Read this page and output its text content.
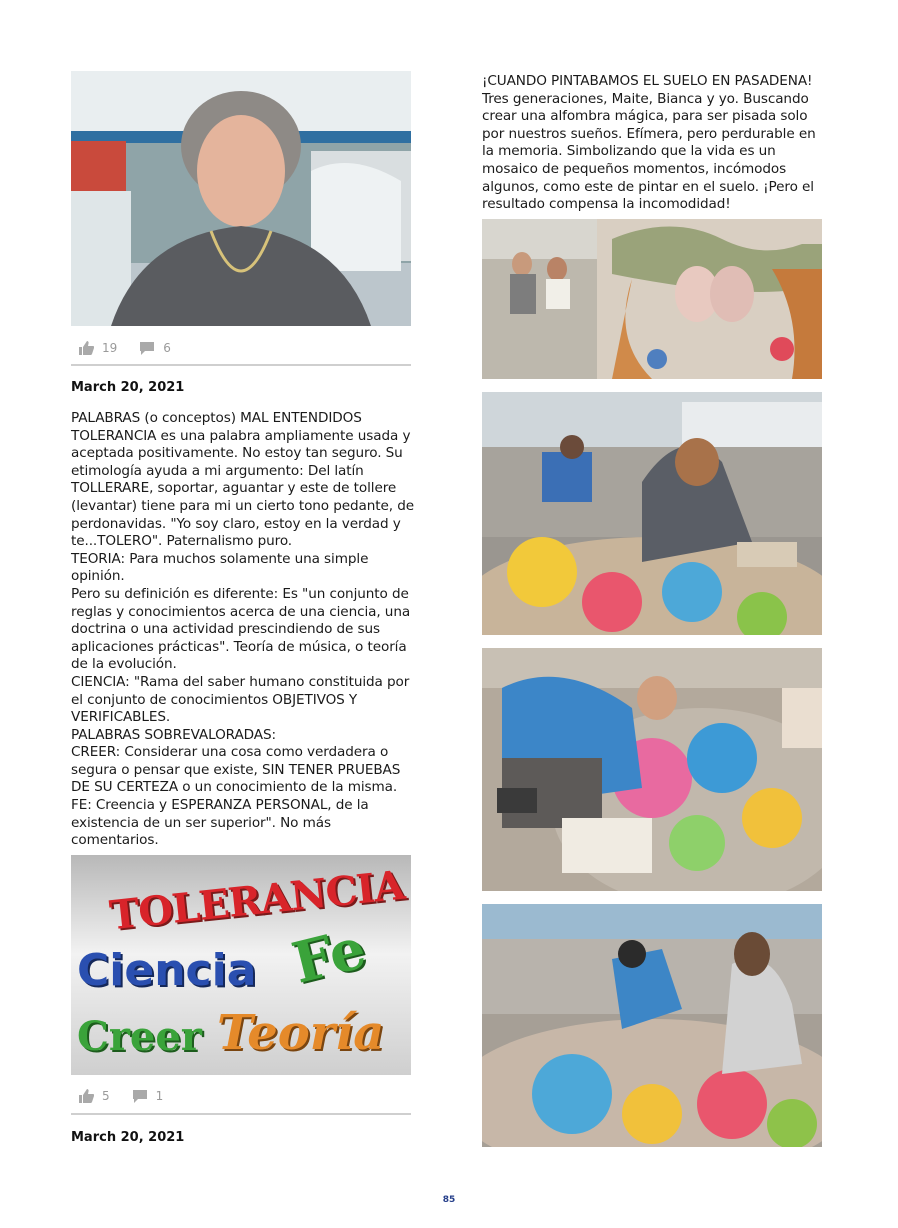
19	6
March 20, 2021
PALABRAS (o conceptos) MAL ENTENDIDOS
TOLERANCIA es una palabra ampliamente usada y aceptada positivamente. No estoy tan seguro. Su etimología ayuda a mi argumento: Del latín TOLLERARE, soportar, aguantar y este de tollere (levantar) tiene para mi un cierto tono pedante, de perdonavidas. "Yo soy claro, estoy en la verdad y te...TOLERO". Paternalismo puro.
TEORIA: Para muchos solamente una simple opinión.
Pero su definición es diferente: Es "un conjunto de reglas y conocimientos acerca de una ciencia, una doctrina o una actividad prescindiendo de sus aplicaciones prácticas". Teoría de música, o teoría de la evolución.
CIENCIA: "Rama del saber humano constituida por el conjunto de conocimientos OBJETIVOS Y VERIFICABLES.
PALABRAS SOBREVALORADAS:
CREER: Considerar una cosa como verdadera o segura o pensar que existe, SIN TENER PRUEBAS DE SU CERTEZA o un conocimiento de la misma.
FE: Creencia y ESPERANZA PERSONAL, de la existencia de un ser superior". No más comentarios.
TOLERANCIA
Fe
Ciencia
Creer Teoría
5	1
March 20, 2021
¡CUANDO PINTABAMOS EL SUELO EN PASADENA!
Tres generaciones, Maite, Bianca y yo. Buscando crear una alfombra mágica, para ser pisada solo por nuestros sueños. Efímera, pero perdurable en la memoria. Simbolizando que la vida es un mosaico de pequeños momentos, incómodos algunos, como este de pintar en el suelo. ¡Pero el resultado compensa la incomodidad!
85
